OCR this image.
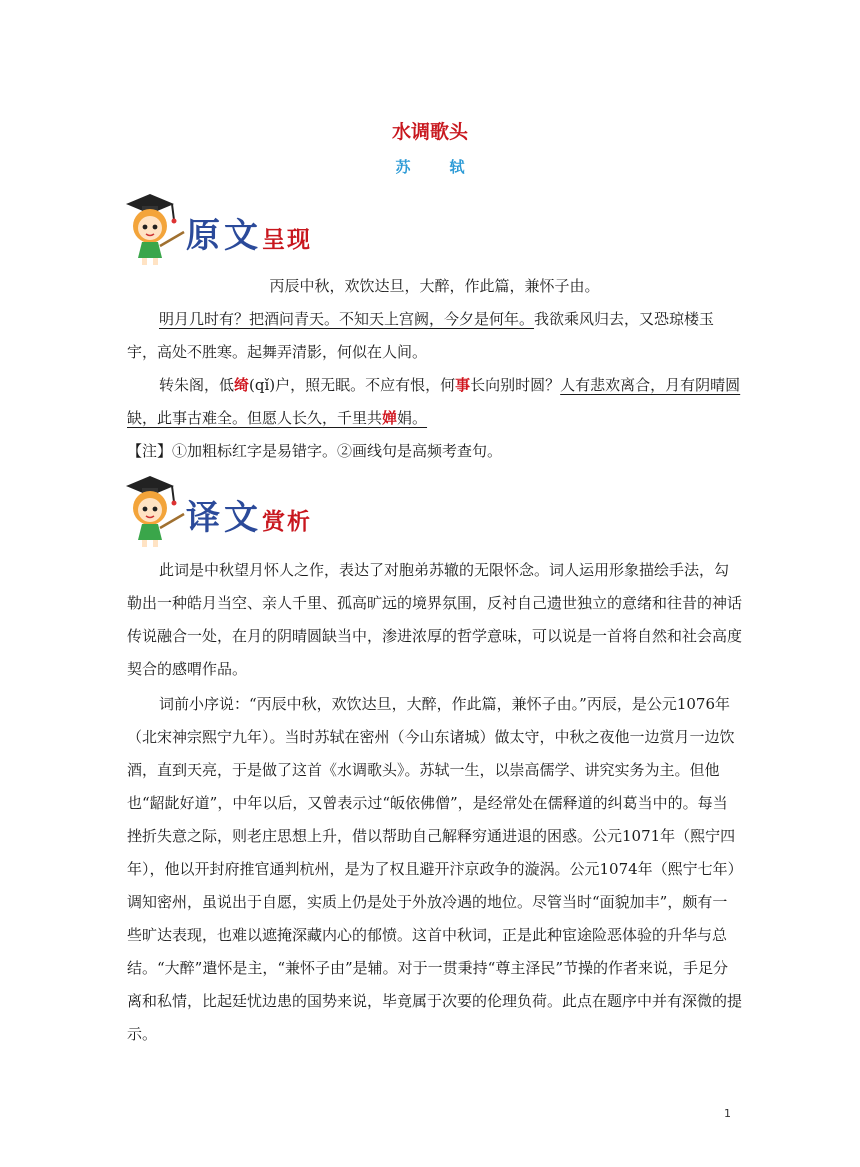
水调歌头
苏　轼
原文呈现

丙辰中秋，欢饮达旦，大醉，作此篇，兼怀子由。

明月几时有？把酒问青天。不知天上宫阙，今夕是何年。我欲乘风归去，又恐琼楼玉宇，高处不胜寒。起舞弄清影，何似在人间。

转朱阁，低绮(qǐ)户，照无眠。不应有恨，何事长向别时圆？人有悲欢离合，月有阴晴圆缺，此事古难全。但愿人长久，千里共婵娟。

【注】①加粗标红字是易错字。②画线句是高频考查句。

译文赏析

此词是中秋望月怀人之作，表达了对胞弟苏辙的无限怀念。词人运用形象描绘手法，勾勒出一种皓月当空、亲人千里、孤高旷远的境界氛围，反衬自己遗世独立的意绪和往昔的神话传说融合一处，在月的阴晴圆缺当中，渗进浓厚的哲学意味，可以说是一首将自然和社会高度契合的感喟作品。

词前小序说：“丙辰中秋，欢饮达旦，大醉，作此篇，兼怀子由。”丙辰，是公元1076年（北宋神宗熙宁九年）。当时苏轼在密州（今山东诸城）做太守，中秋之夜他一边赏月一边饮酒，直到天亮，于是做了这首《水调歌头》。苏轼一生，以崇高儒学、讲究实务为主。但他也“龆龀好道”，中年以后，又曾表示过“皈依佛僧”，是经常处在儒释道的纠葛当中的。每当挫折失意之际，则老庄思想上升，借以帮助自己解释穷通进退的困惑。公元1071年（熙宁四年），他以开封府推官通判杭州，是为了权且避开汴京政争的漩涡。公元1074年（熙宁七年）调知密州，虽说出于自愿，实质上仍是处于外放冷遇的地位。尽管当时“面貌加丰”，颇有一些旷达表现，也难以遮掩深藏内心的郁愤。这首中秋词，正是此种宦途险恶体验的升华与总结。“大醉”遣怀是主，“兼怀子由”是辅。对于一贯秉持“尊主泽民”节操的作者来说，手足分离和私情，比起廷忧边患的国势来说，毕竟属于次要的伦理负荷。此点在题序中并有深微的提示。

1
